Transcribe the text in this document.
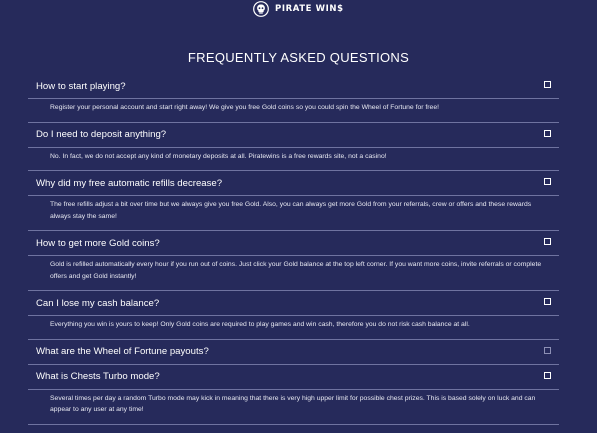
PIRATE WIN$
FREQUENTLY ASKED QUESTIONS
How to start playing?
Register your personal account and start right away! We give you free Gold coins so you could spin the Wheel of Fortune for free!
Do I need to deposit anything?
No. In fact, we do not accept any kind of monetary deposits at all. Piratewins is a free rewards site, not a casino!
Why did my free automatic refills decrease?
The free refills adjust a bit over time but we always give you free Gold. Also, you can always get more Gold from your referrals, crew or offers and these rewards always stay the same!
How to get more Gold coins?
Gold is refilled automatically every hour if you run out of coins. Just click your Gold balance at the top left corner. If you want more coins, invite referrals or complete offers and get Gold instantly!
Can I lose my cash balance?
Everything you win is yours to keep! Only Gold coins are required to play games and win cash, therefore you do not risk cash balance at all.
What are the Wheel of Fortune payouts?
What is Chests Turbo mode?
Several times per day a random Turbo mode may kick in meaning that there is very high upper limit for possible chest prizes. This is based solely on luck and can appear to any user at any time!
